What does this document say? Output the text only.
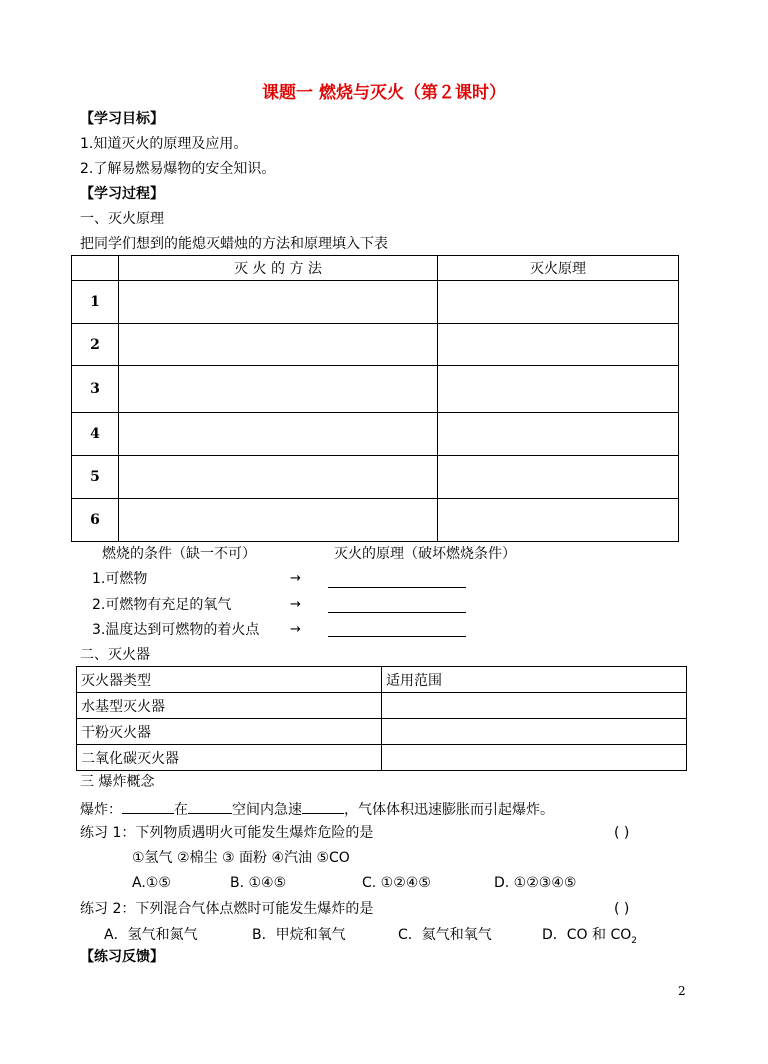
课题一 燃烧与灭火（第２课时）
【学习目标】
1.知道灭火的原理及应用。
2.了解易燃易爆物的安全知识。
【学习过程】
一、灭火原理
把同学们想到的能熄灭蜡烛的方法和原理填入下表
	灭 火 的 方 法	灭火原理
1		
2		
3		
4		
5		
6		
燃烧的条件（缺一不可）	灭火的原理（破坏燃烧条件）
1.可燃物	→
2.可燃物有充足的氧气	→
3.温度达到可燃物的着火点 →
二、灭火器
灭火器类型	适用范围
水基型灭火器	
干粉灭火器	
二氧化碳灭火器	
三 爆炸概念
爆炸：	在	空间内急速	，气体体积迅速膨胀而引起爆炸。
练习 1：下列物质遇明火可能发生爆炸危险的是	( )
①氢气 ②棉尘 ③ 面粉 ④汽油 ⑤CO
A.①⑤	B. ①④⑤	C. ①②④⑤	D. ①②③④⑤
练习 2：下列混合气体点燃时可能发生爆炸的是	( )
A．氢气和氮气	B．甲烷和氧气	C．氦气和氧气	D．CO 和 $CO_2$
【练习反馈】
2
